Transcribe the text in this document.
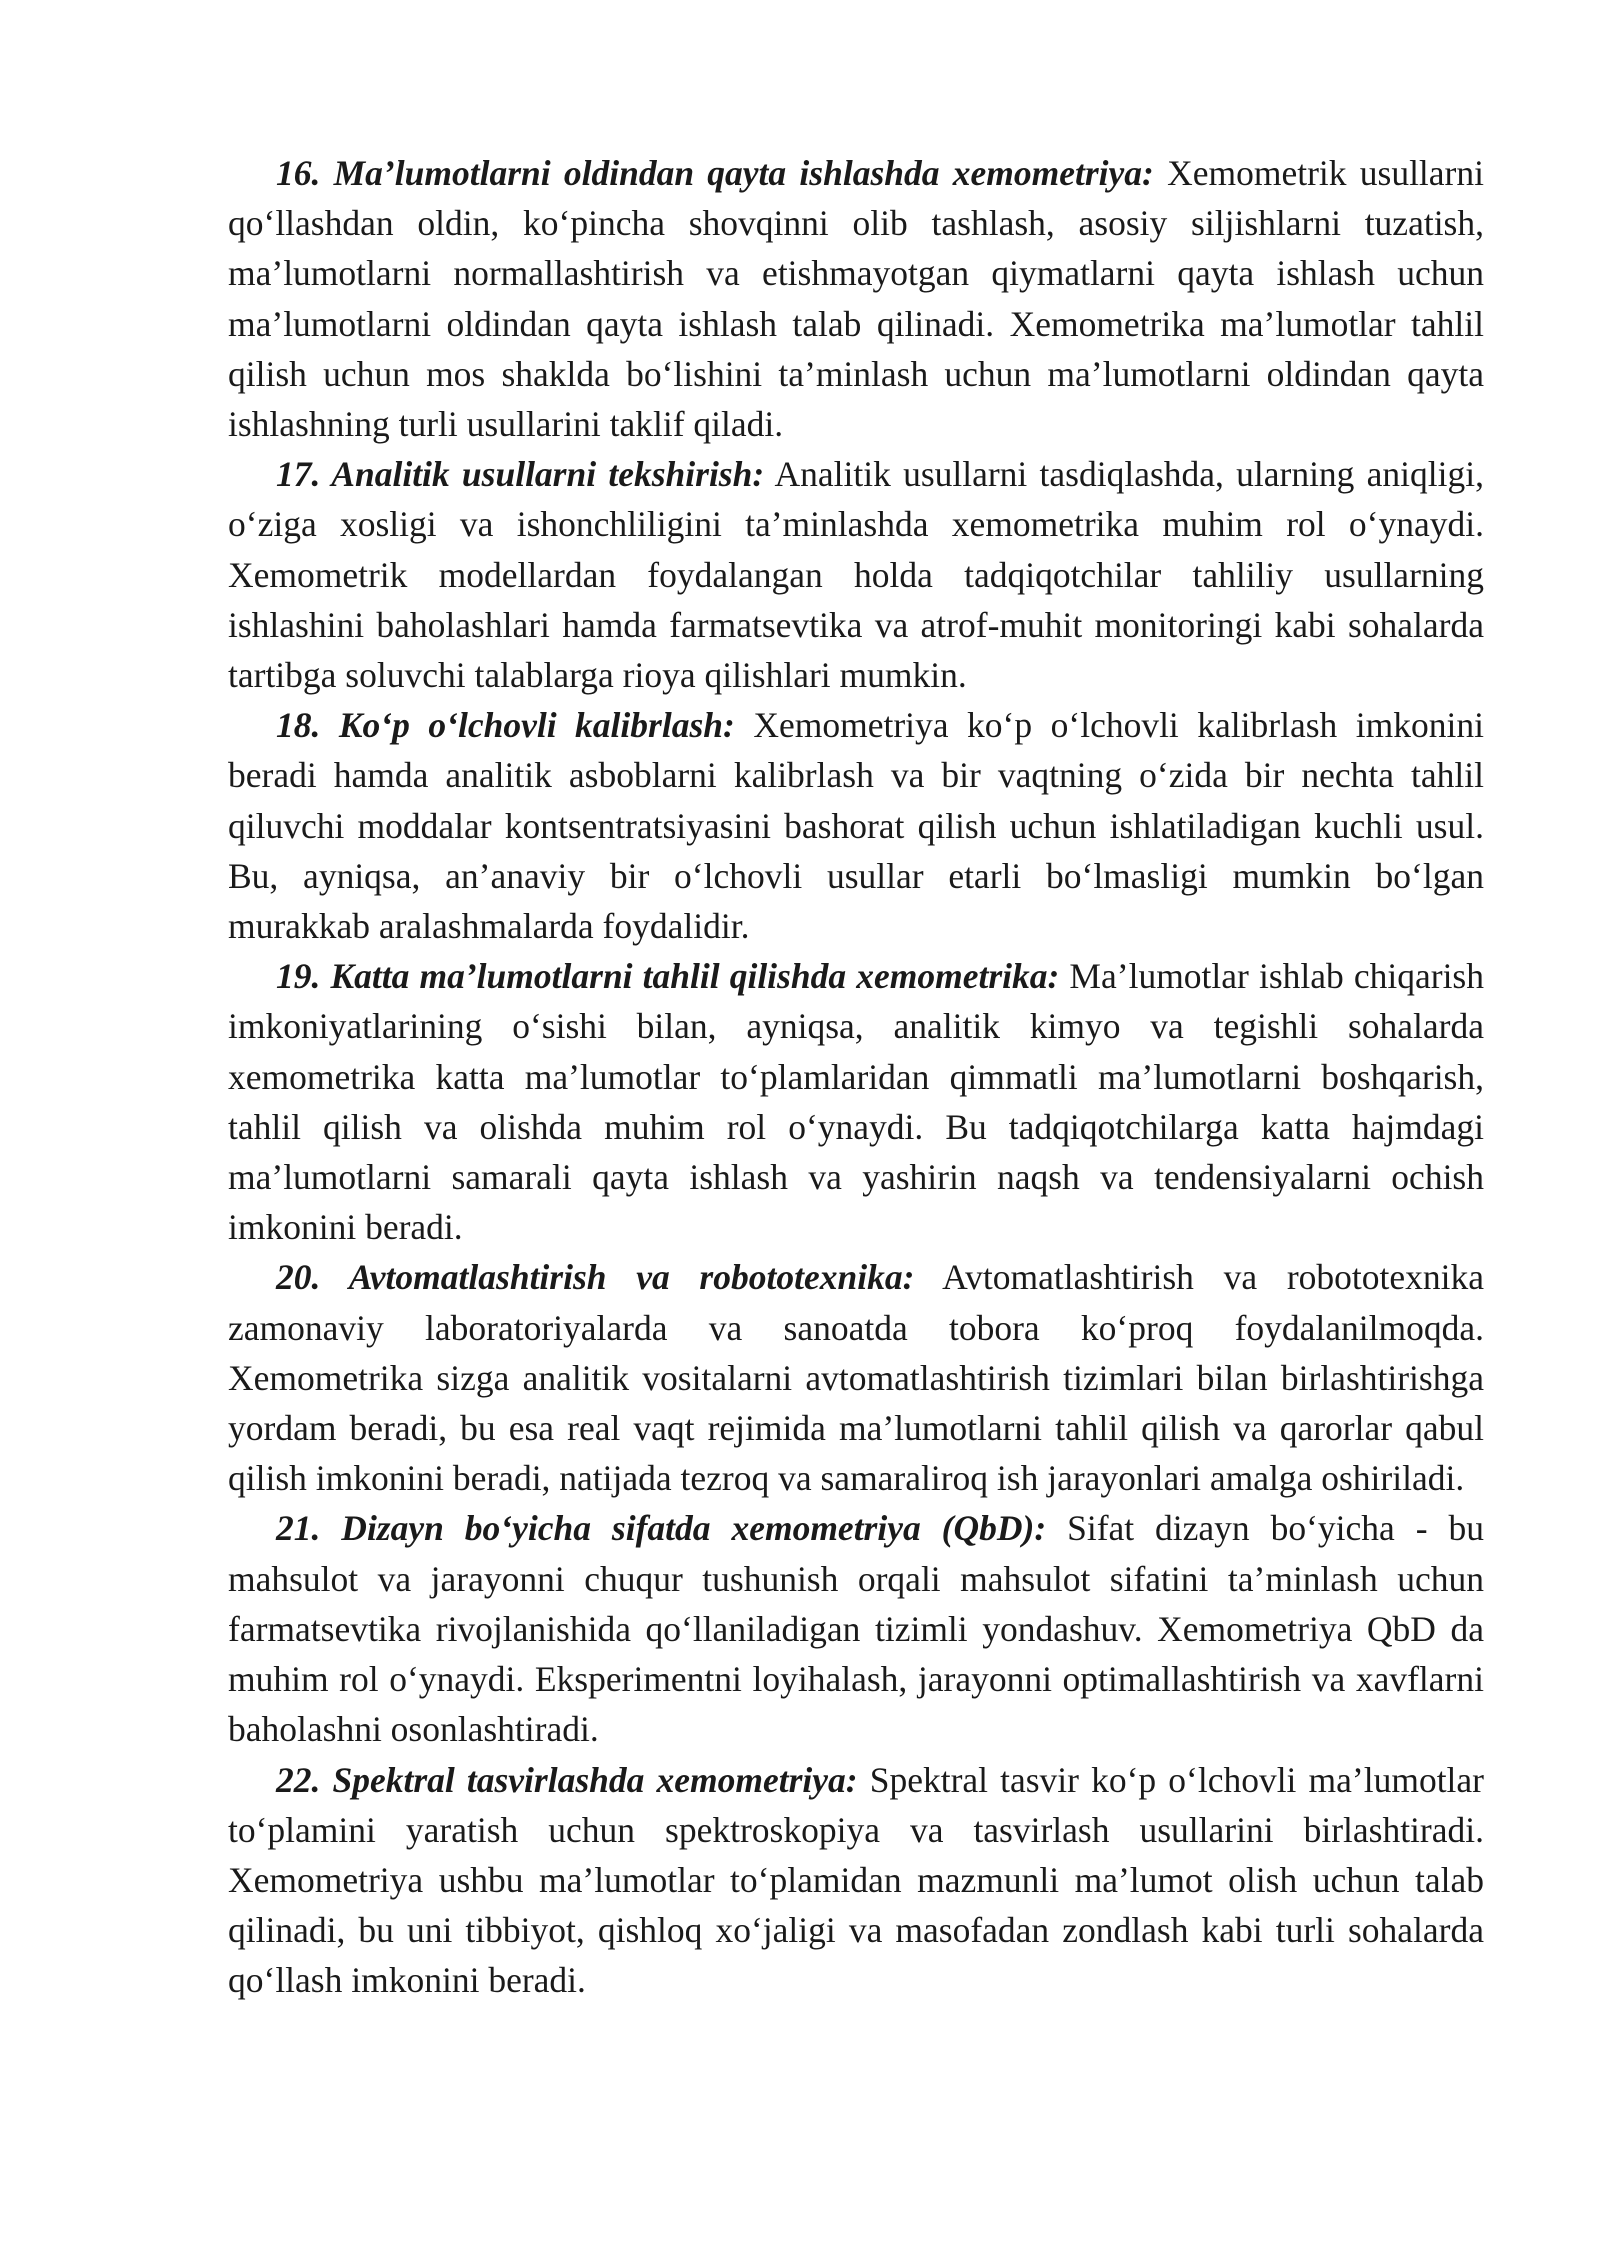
16. Ma’lumotlarni oldindan qayta ishlashda xemometriya: Xemometrik usullarni qo‘llashdan oldin, ko‘pincha shovqinni olib tashlash, asosiy siljishlarni tuzatish, ma’lumotlarni normallashtirish va etishmayotgan qiymatlarni qayta ishlash uchun ma’lumotlarni oldindan qayta ishlash talab qilinadi. Xemometrika ma’lumotlar tahlil qilish uchun mos shaklda bo‘lishini ta’minlash uchun ma’lumotlarni oldindan qayta ishlashning turli usullarini taklif qiladi.

17. Analitik usullarni tekshirish: Analitik usullarni tasdiqlashda, ularning aniqligi, o‘ziga xosligi va ishonchliligini ta’minlashda xemometrika muhim rol o‘ynaydi. Xemometrik modellardan foydalangan holda tadqiqotchilar tahliliy usullarning ishlashini baholashlari hamda farmatsevtika va atrof-muhit monitoringi kabi sohalarda tartibga soluvchi talablarga rioya qilishlari mumkin.

18. Ko‘p o‘lchovli kalibrlash: Xemometriya ko‘p o‘lchovli kalibrlash imkonini beradi hamda analitik asboblarni kalibrlash va bir vaqtning o‘zida bir nechta tahlil qiluvchi moddalar kontsentratsiyasini bashorat qilish uchun ishlatiladigan kuchli usul. Bu, ayniqsa, an’anaviy bir o‘lchovli usullar etarli bo‘lmasligi mumkin bo‘lgan murakkab aralashmalarda foydalidir.

19. Katta ma’lumotlarni tahlil qilishda xemometrika: Ma’lumotlar ishlab chiqarish imkoniyatlarining o‘sishi bilan, ayniqsa, analitik kimyo va tegishli sohalarda xemometrika katta ma’lumotlar to‘plamlaridan qimmatli ma’lumotlarni boshqarish, tahlil qilish va olishda muhim rol o‘ynaydi. Bu tadqiqotchilarga katta hajmdagi ma’lumotlarni samarali qayta ishlash va yashirin naqsh va tendensiyalarni ochish imkonini beradi.

20. Avtomatlashtirish va robototexnika: Avtomatlashtirish va robototexnika zamonaviy laboratoriyalarda va sanoatda tobora ko‘proq foydalanilmoqda. Xemometrika sizga analitik vositalarni avtomatlashtirish tizimlari bilan birlashtirishga yordam beradi, bu esa real vaqt rejimida ma’lumotlarni tahlil qilish va qarorlar qabul qilish imkonini beradi, natijada tezroq va samaraliroq ish jarayonlari amalga oshiriladi.

21. Dizayn bo‘yicha sifatda xemometriya (QbD): Sifat dizayn bo‘yicha - bu mahsulot va jarayonni chuqur tushunish orqali mahsulot sifatini ta’minlash uchun farmatsevtika rivojlanishida qo‘llaniladigan tizimli yondashuv. Xemometriya QbD da muhim rol o‘ynaydi. Eksperimentni loyihalash, jarayonni optimallashtirish va xavflarni baholashni osonlashtiradi.

22. Spektral tasvirlashda xemometriya: Spektral tasvir ko‘p o‘lchovli ma’lumotlar to‘plamini yaratish uchun spektroskopiya va tasvirlash usullarini birlashtiradi. Xemometriya ushbu ma’lumotlar to‘plamidan mazmunli ma’lumot olish uchun talab qilinadi, bu uni tibbiyot, qishloq xo‘jaligi va masofadan zondlash kabi turli sohalarda qo‘llash imkonini beradi.
